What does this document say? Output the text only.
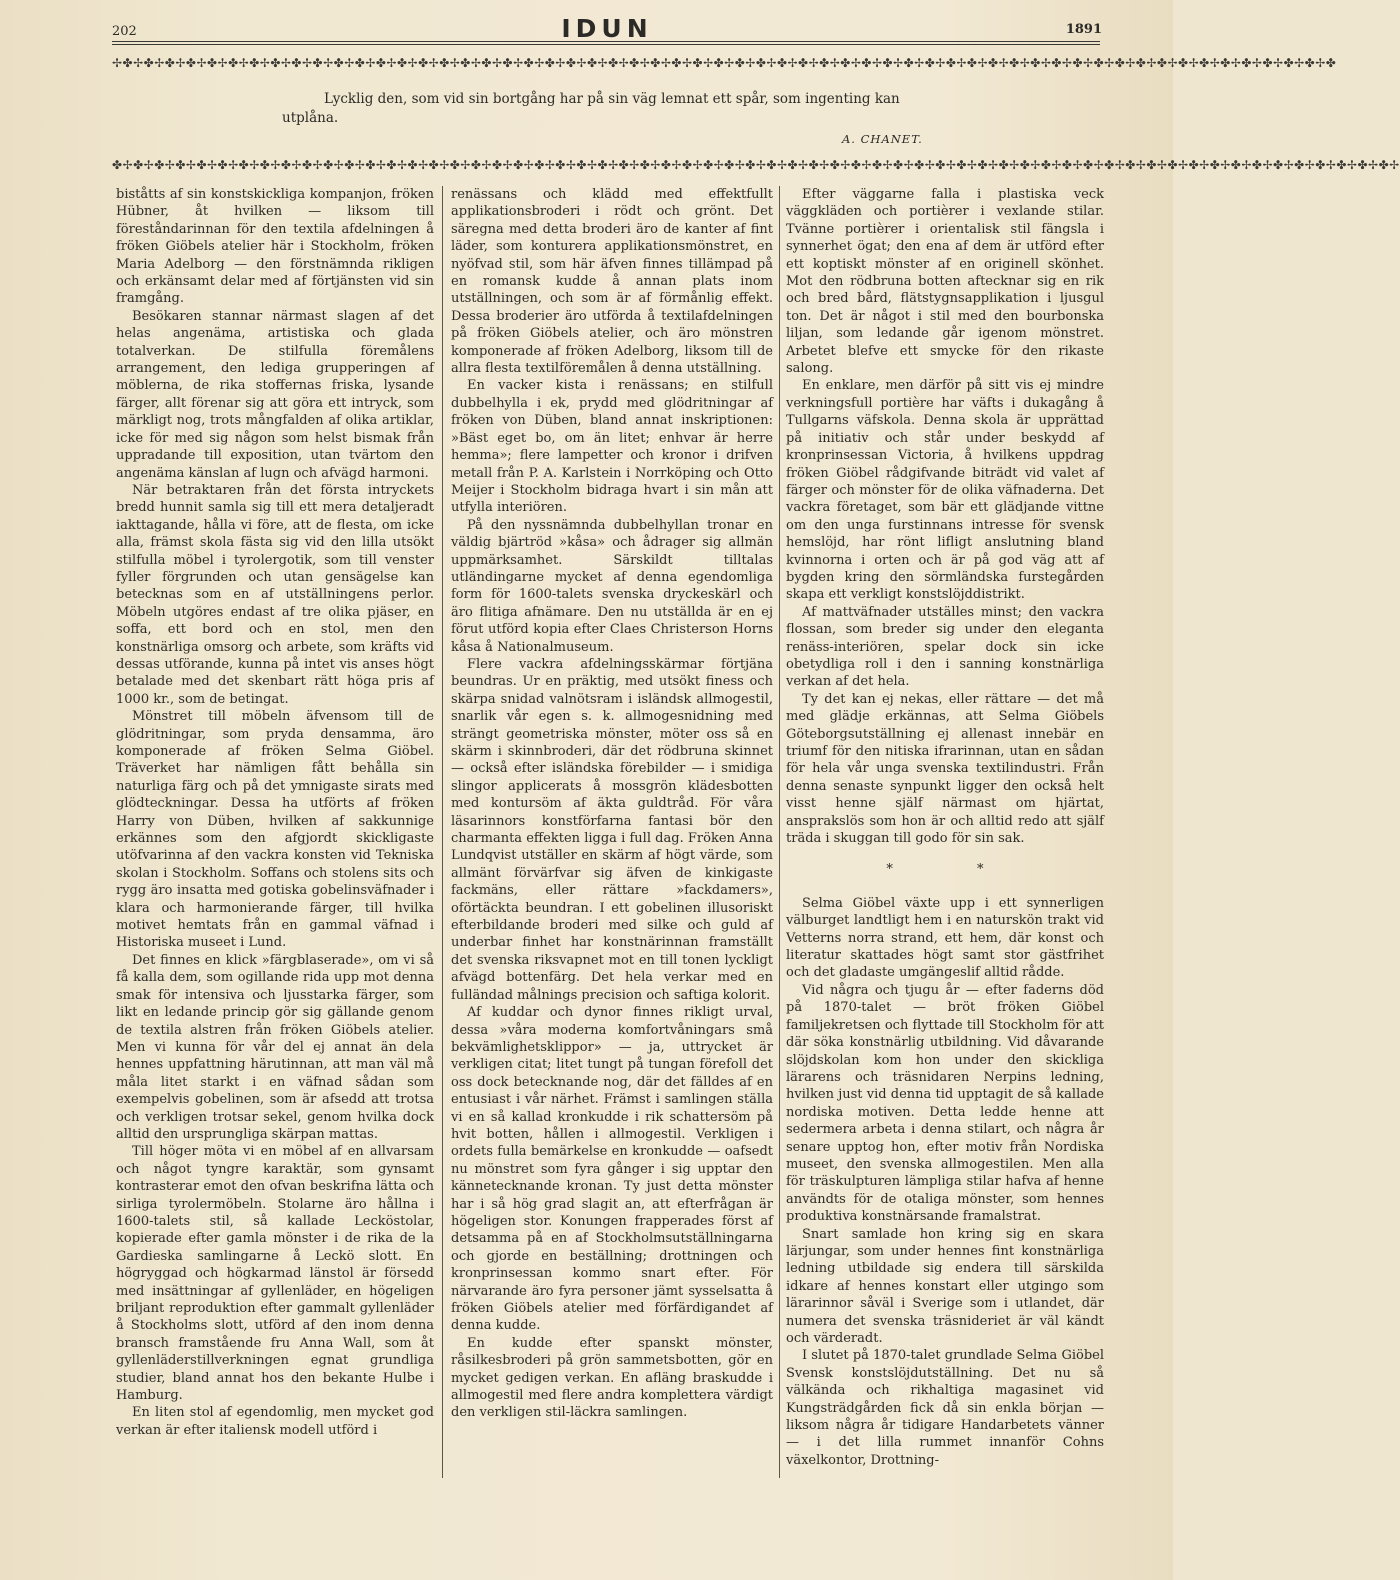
202	IDUN	1891
✢✤✢✤✢✤✢✤✢✤✢✤✢✤✢✤✢✤✢✤✢✤✢✤✢✤✢✤✢✤✢✤✢✤✢✤✢✤✢✤✢✤✢✤✢✤✢✤✢✤✢✤✢✤✢✤✢✤✢✤✢✤✢✤✢✤✢✤✢✤✢✤✢✤✢✤✢✤✢✤✢✤✢✤✢✤✢✤✢✤✢✤✢✤✢✤✢✤✢✤✢✤✢✤✢✤✢✤✢✤✢✤✢✤✢✤

Lycklig den, som vid sin bortgång har på sin väg lemnat ett spår, som ingenting kan utplåna.

A. CHANET.
✤✢✤✢✤✢✤✢✤✢✤✢✤✢✤✢✤✢✤✢✤✢✤✢✤✢✤✢✤✢✤✢✤✢✤✢✤✢✤✢✤✢✤✢✤✢✤✢✤✢✤✢✤✢✤✢✤✢✤✢✤✢✤✢✤✢✤✢✤✢✤✢✤✢✤✢✤✢✤✢✤✢✤✢✤✢✤✢✤✢✤✢✤✢✤✢✤✢✤✢✤✢✤✢✤✢✤✢✤✢✤✢✤✢✤✢✤✢✤✢✤✢

biståtts af sin konstskickliga kompanjon, fröken Hübner, åt hvilken — liksom till föreståndarinnan för den textila afdelningen å fröken Giöbels atelier här i Stockholm, fröken Maria Adelborg — den förstnämnda rikligen och erkänsamt delar med af förtjänsten vid sin framgång.

Besökaren stannar närmast slagen af det helas angenäma, artistiska och glada totalverkan. De stilfulla föremålens arrangement, den lediga grupperingen af möblerna, de rika stoffernas friska, lysande färger, allt förenar sig att göra ett intryck, som märkligt nog, trots mångfalden af olika artiklar, icke för med sig någon som helst bismak från uppradande till exposition, utan tvärtom den angenäma känslan af lugn och afvägd harmoni.

När betraktaren från det första intryckets bredd hunnit samla sig till ett mera detaljeradt iakttagande, hålla vi före, att de flesta, om icke alla, främst skola fästa sig vid den lilla utsökt stilfulla möbel i tyrolergotik, som till venster fyller förgrunden och utan gensägelse kan betecknas som en af utställningens perlor. Möbeln utgöres endast af tre olika pjäser, en soffa, ett bord och en stol, men den konstnärliga omsorg och arbete, som kräfts vid dessas utförande, kunna på intet vis anses högt betalade med det skenbart rätt höga pris af 1000 kr., som de betingat.

Mönstret till möbeln äfvensom till de glödritningar, som pryda densamma, äro komponerade af fröken Selma Giöbel. Träverket har nämligen fått behålla sin naturliga färg och på det ymnigaste sirats med glödteckningar. Dessa ha utförts af fröken Harry von Düben, hvilken af sakkunnige erkännes som den afgjordt skickligaste utöfvarinna af den vackra konsten vid Tekniska skolan i Stockholm. Soffans och stolens sits och rygg äro insatta med gotiska gobelinsväfnader i klara och harmonierande färger, till hvilka motivet hemtats från en gammal väfnad i Historiska museet i Lund.

Det finnes en klick »färgblaserade», om vi så få kalla dem, som ogillande rida upp mot denna smak för intensiva och ljusstarka färger, som likt en ledande princip gör sig gällande genom de textila alstren från fröken Giöbels atelier. Men vi kunna för vår del ej annat än dela hennes uppfattning härutinnan, att man väl må måla litet starkt i en väfnad sådan som exempelvis gobelinen, som är afsedd att trotsa och verkligen trotsar sekel, genom hvilka dock alltid den ursprungliga skärpan mattas.

Till höger möta vi en möbel af en allvarsam och något tyngre karaktär, som gynsamt kontrasterar emot den ofvan beskrifna lätta och sirliga tyrolermöbeln. Stolarne äro hållna i 1600-talets stil, så kallade Lecköstolar, kopierade efter gamla mönster i de rika de la Gardieska samlingarne å Leckö slott. En högryggad och högkarmad länstol är försedd med insättningar af gyllenläder, en högeligen briljant reproduktion efter gammalt gyllenläder å Stockholms slott, utförd af den inom denna bransch framstående fru Anna Wall, som åt gyllenläderstillverkningen egnat grundliga studier, bland annat hos den bekante Hulbe i Hamburg.

En liten stol af egendomlig, men mycket god verkan är efter italiensk modell utförd i

renässans och klädd med effektfullt applikationsbroderi i rödt och grönt. Det säregna med detta broderi äro de kanter af fint läder, som konturera applikationsmönstret, en nyöfvad stil, som här äfven finnes tillämpad på en romansk kudde å annan plats inom utställningen, och som är af förmånlig effekt. Dessa broderier äro utförda å textilafdelningen på fröken Giöbels atelier, och äro mönstren komponerade af fröken Adelborg, liksom till de allra flesta textilföremålen å denna utställning.

En vacker kista i renässans; en stilfull dubbelhylla i ek, prydd med glödritningar af fröken von Düben, bland annat inskriptionen: »Bäst eget bo, om än litet; enhvar är herre hemma»; flere lampetter och kronor i drifven metall från P. A. Karlstein i Norrköping och Otto Meijer i Stockholm bidraga hvart i sin mån att utfylla interiören.

På den nyssnämnda dubbelhyllan tronar en väldig bjärtröd »kåsa» och ådrager sig allmän uppmärksamhet. Särskildt tilltalas utländingarne mycket af denna egendomliga form för 1600-talets svenska dryckeskärl och äro flitiga afnämare. Den nu utställda är en ej förut utförd kopia efter Claes Christerson Horns kåsa å Nationalmuseum.

Flere vackra afdelningsskärmar förtjäna beundras. Ur en präktig, med utsökt finess och skärpa snidad valnötsram i isländsk allmogestil, snarlik vår egen s. k. allmogesnidning med strängt geometriska mönster, möter oss så en skärm i skinnbroderi, där det rödbruna skinnet — också efter isländska förebilder — i smidiga slingor applicerats å mossgrön klädesbotten med kontursöm af äkta guldtråd. För våra läsarinnors konstförfarna fantasi bör den charmanta effekten ligga i full dag. Fröken Anna Lundqvist utställer en skärm af högt värde, som allmänt förvärfvar sig äfven de kinkigaste fackmäns, eller rättare »fackdamers», oförtäckta beundran. I ett gobelinen illusoriskt efterbildande broderi med silke och guld af underbar finhet har konstnärinnan framställt det svenska riksvapnet mot en till tonen lyckligt afvägd bottenfärg. Det hela verkar med en fulländad målnings precision och saftiga kolorit.

Af kuddar och dynor finnes rikligt urval, dessa »våra moderna komfortvåningars små bekvämlighetsklippor» — ja, uttrycket är verkligen citat; litet tungt på tungan förefoll det oss dock betecknande nog, där det fälldes af en entusiast i vår närhet. Främst i samlingen ställa vi en så kallad kronkudde i rik schattersöm på hvit botten, hållen i allmogestil. Verkligen i ordets fulla bemärkelse en kronkudde — oafsedt nu mönstret som fyra gånger i sig upptar den kännetecknande kronan. Ty just detta mönster har i så hög grad slagit an, att efterfrågan är högeligen stor. Konungen frapperades först af detsamma på en af Stockholmsutställningarna och gjorde en beställning; drottningen och kronprinsessan kommo snart efter. För närvarande äro fyra personer jämt sysselsatta å fröken Giöbels atelier med förfärdigandet af denna kudde.

En kudde efter spanskt mönster, råsilkesbroderi på grön sammetsbotten, gör en mycket gedigen verkan. En afläng braskudde i allmogestil med flere andra kompletterа värdigt den verkligen stil-läckra samlingen.

Efter väggarne falla i plastiska veck väggkläden och portièrer i vexlande stilar. Tvänne portièrer i orientalisk stil fängsla i synnerhet ögat; den ena af dem är utförd efter ett koptiskt mönster af en originell skönhet. Mot den rödbruna botten aftecknar sig en rik och bred bård, flätstygnsapplikation i ljusgul ton. Det är något i stil med den bourbonska liljan, som ledande går igenom mönstret. Arbetet blefve ett smycke för den rikaste salong.

En enklare, men därför på sitt vis ej mindre verkningsfull portière har väfts i dukagång å Tullgarns väfskola. Denna skola är upprättad på initiativ och står under beskydd af kronprinsessan Victoria, å hvilkens uppdrag fröken Giöbel rådgifvande biträdt vid valet af färger och mönster för de olika väfnaderna. Det vackra företaget, som bär ett glädjande vittne om den unga furstinnans intresse för svensk hemslöjd, har rönt lifligt anslutning bland kvinnorna i orten och är på god väg att af bygden kring den sörmländska furstegården skapa ett verkligt konstslöjddistrikt.

Af mattväfnader utställes minst; den vackra flossan, som breder sig under den eleganta renäss-interiören, spelar dock sin icke obetydliga roll i den i sanning konstnärliga verkan af det hela.

Ty det kan ej nekas, eller rättare — det må med glädje erkännas, att Selma Giöbels Göteborgsutställning ej allenast innebär en triumf för den nitiska ifrarinnan, utan en sådan för hela vår unga svenska textilindustri. Från denna senaste synpunkt ligger den också helt visst henne själf närmast om hjärtat, ansprakslös som hon är och alltid redo att själf träda i skuggan till godo för sin sak.

* *

Selma Giöbel växte upp i ett synnerligen välburget landtligt hem i en naturskön trakt vid Vetterns norra strand, ett hem, där konst och literatur skattades högt samt stor gästfrihet och det gladaste umgängeslif alltid rådde.

Vid några och tjugu år — efter faderns död på 1870-talet — bröt fröken Giöbel familjekretsen och flyttade till Stockholm för att där söka konstnärlig utbildning. Vid dåvarande slöjdskolan kom hon under den skickliga lärarens och träsnidaren Nerpins ledning, hvilken just vid denna tid upptagit de så kallade nordiska motiven. Detta ledde henne att sedermera arbeta i denna stilart, och några år senare upptog hon, efter motiv från Nordiska museet, den svenska allmogestilen. Men alla för träskulpturen lämpliga stilar hafva af henne användts för de otaliga mönster, som hennes produktiva konstnärsande framalstrat.

Snart samlade hon kring sig en skara lärjungar, som under hennes fint konstnärliga ledning utbildade sig endera till särskilda idkare af hennes konstart eller utgingo som lärarinnor såväl i Sverige som i utlandet, där numera det svenska träsnideriet är väl kändt och värderadt.

I slutet på 1870-talet grundlade Selma Giöbel Svensk konstslöjdutställning. Det nu så välkända och rikhaltiga magasinet vid Kungsträdgården fick då sin enkla början — liksom några år tidigare Handarbetets vänner — i det lilla rummet innanför Cohns växelkontor, Drottning-
